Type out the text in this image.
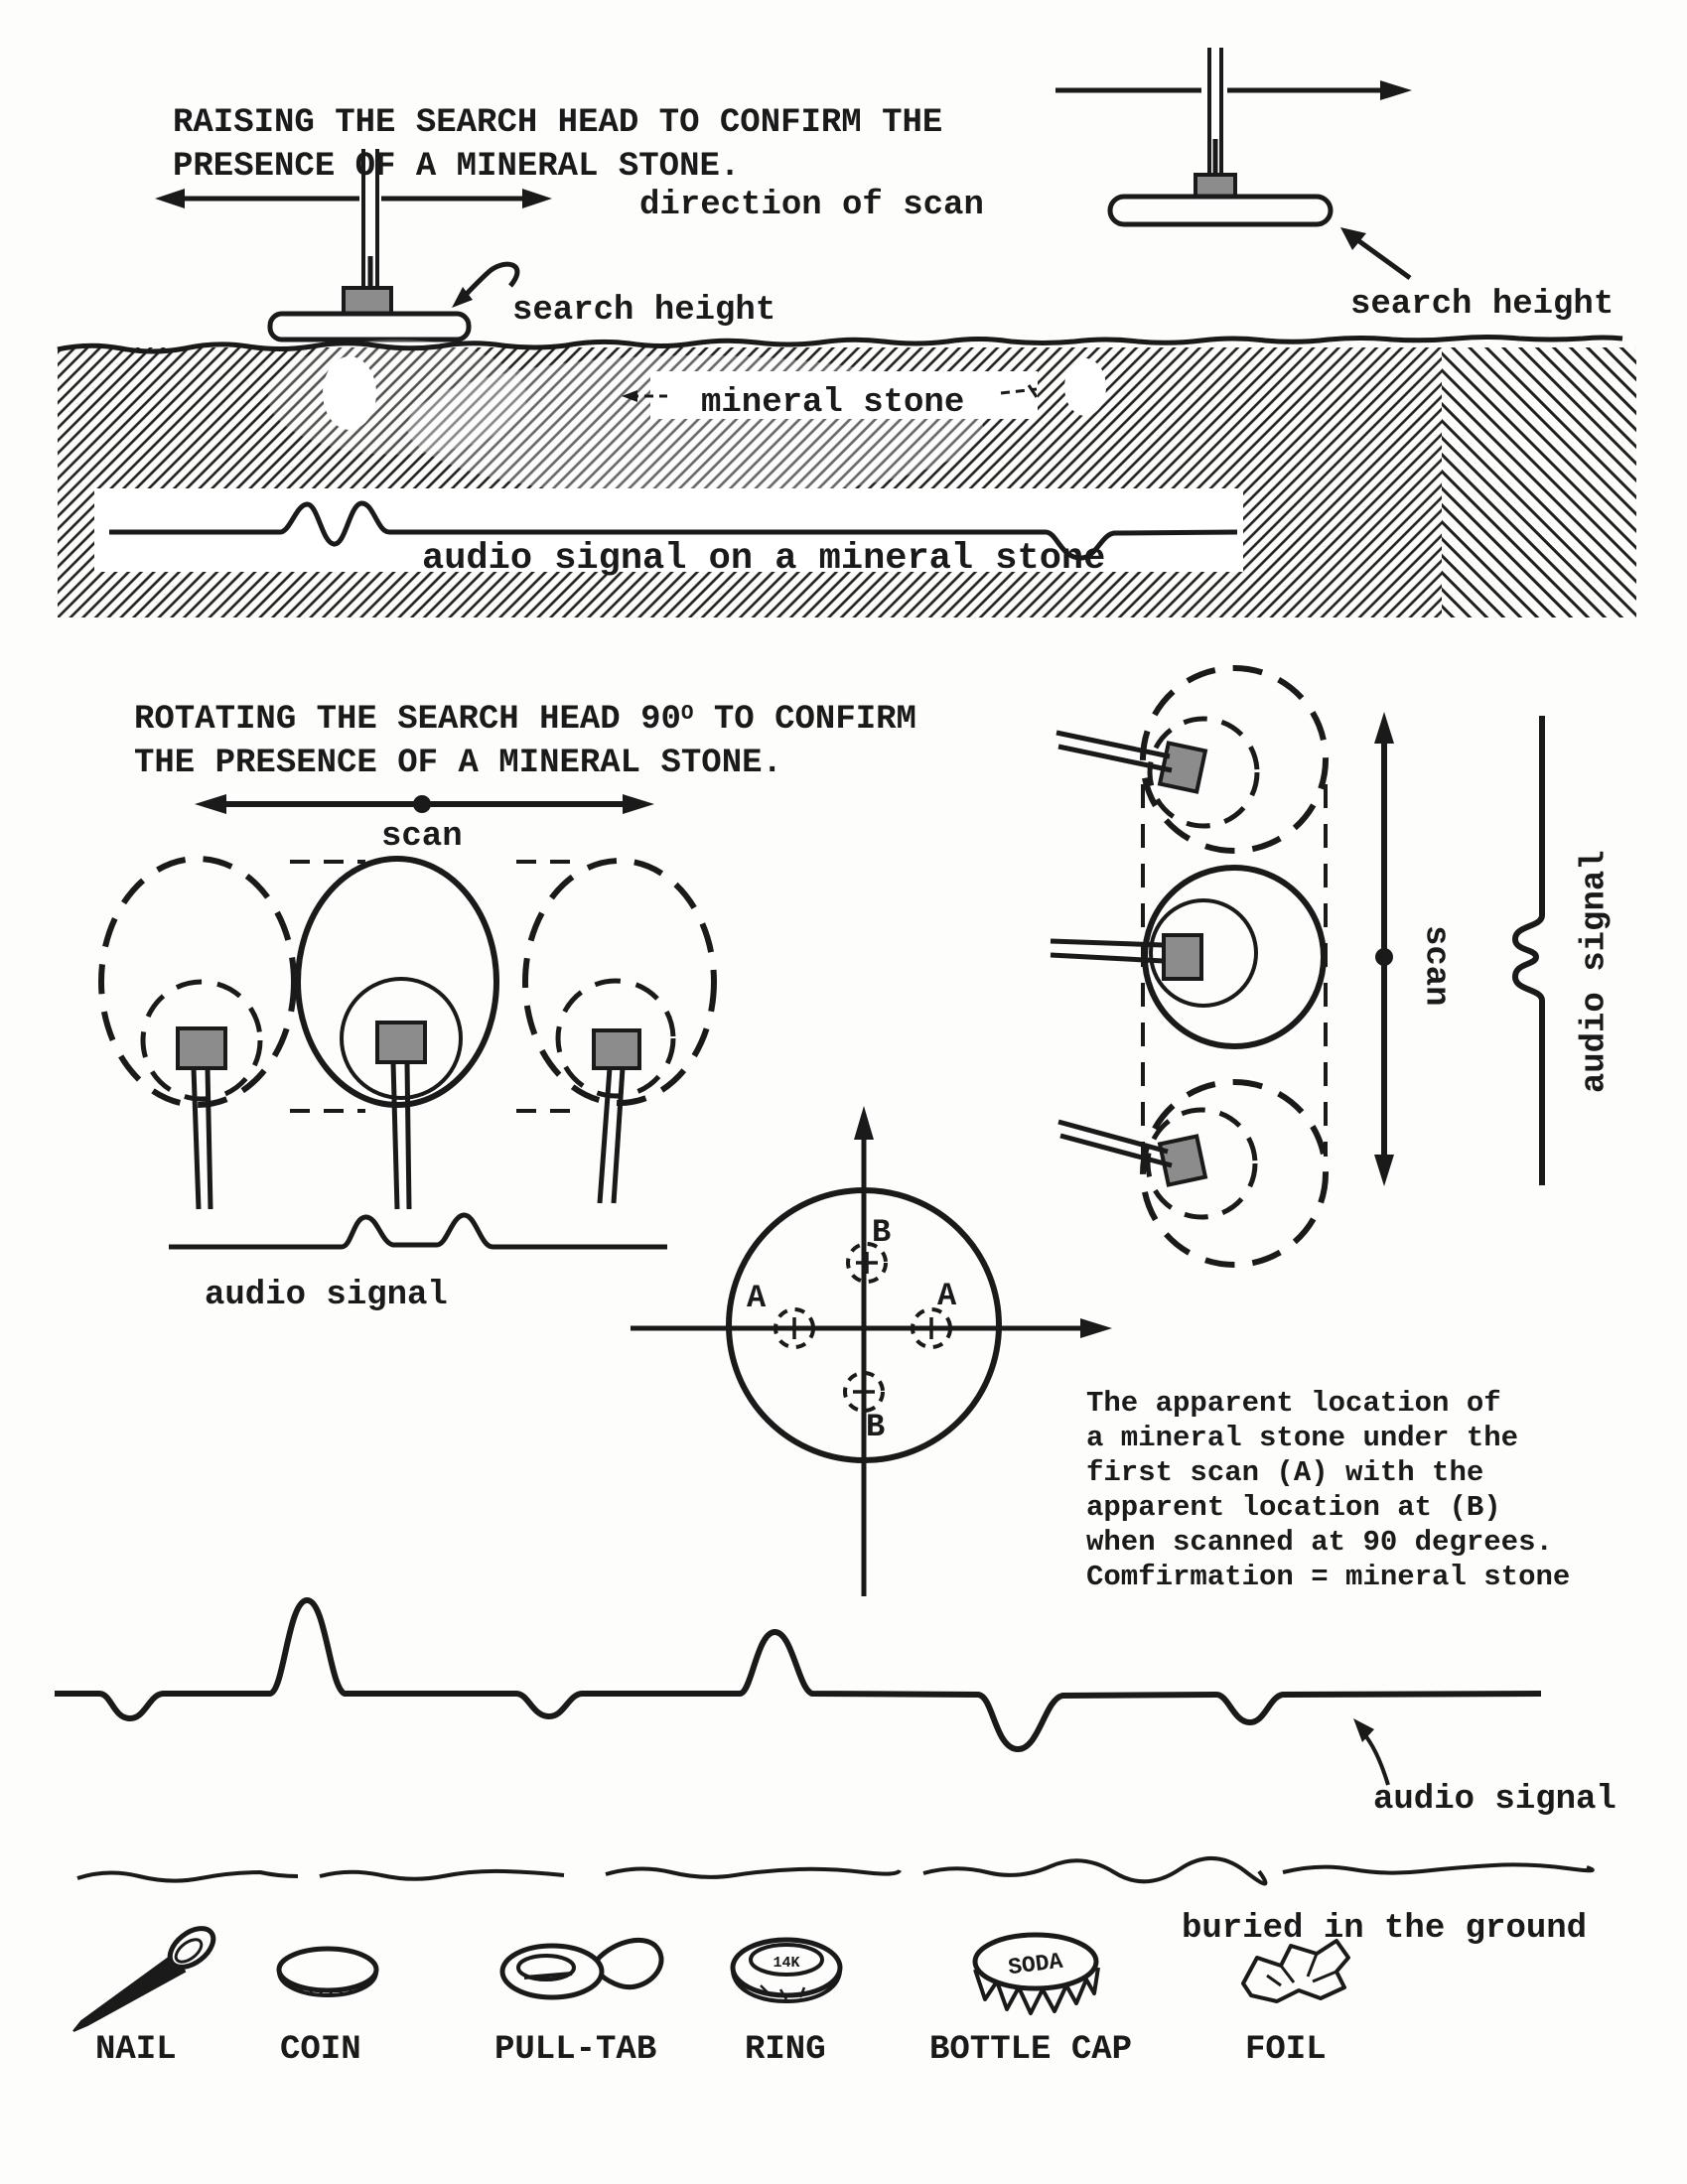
14K	SODA
RAISING THE SEARCH HEAD TO CONFIRM THE
PRESENCE OF A MINERAL STONE.
direction of scan
search height	search height
mineral stone
audio signal on a mineral stone
ROTATING THE SEARCH HEAD $90^O$ TO CONFIRM
THE PRESENCE OF A MINERAL STONE.
scan
audio signal
scan	audio signal
B
A	A
B
The apparent location of
a mineral stone under the
first scan (A) with the
apparent location at (B)
when scanned at 90 degrees.
Comfirmation = mineral stone
audio signal
buried in the ground
NAIL	COIN	PULL-TAB	RING	BOTTLE CAP	FOIL
